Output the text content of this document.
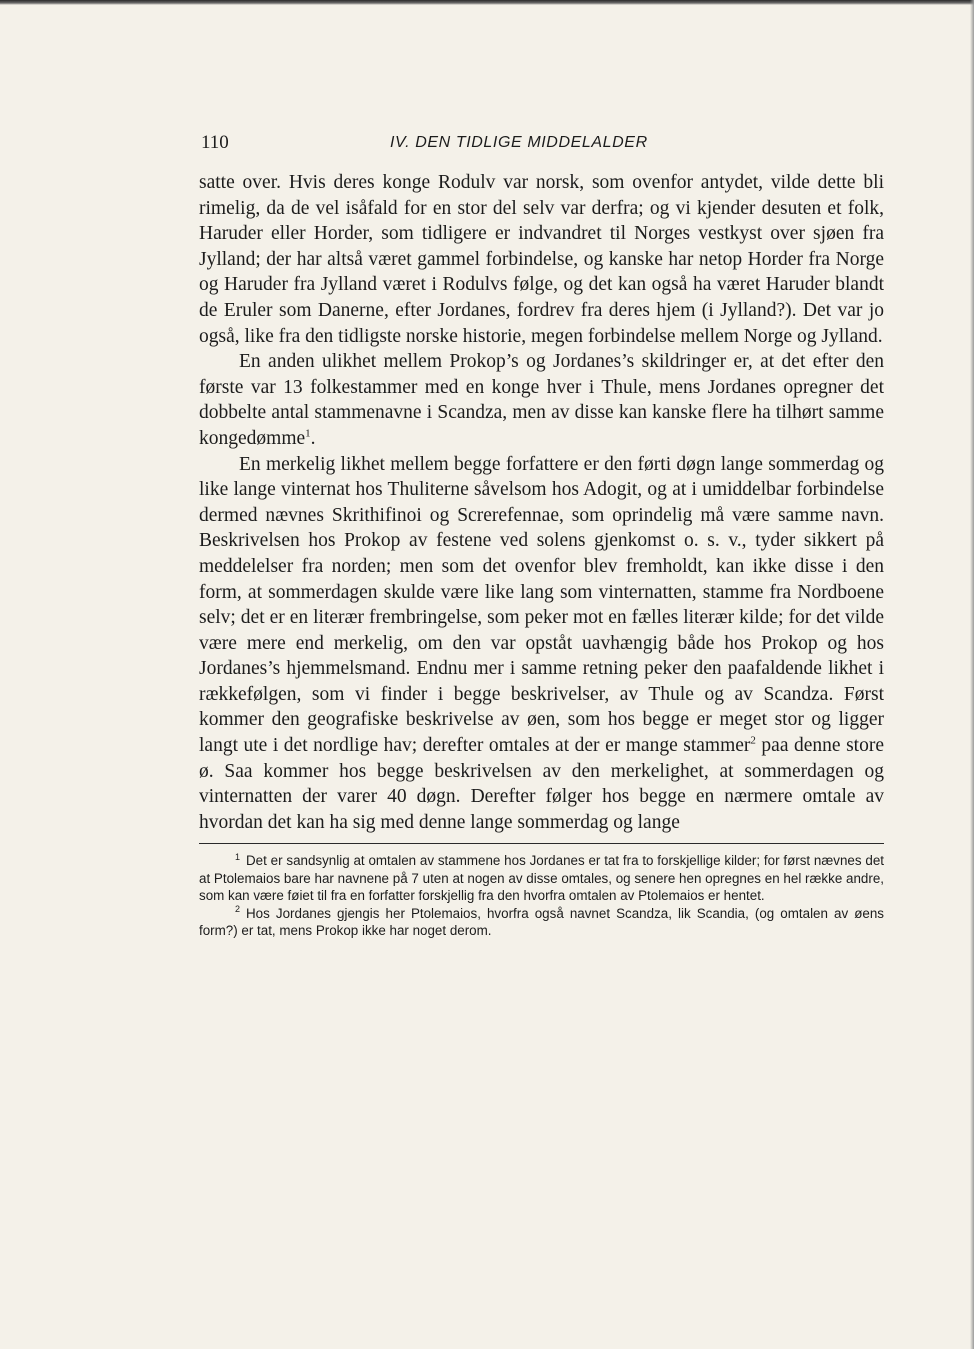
110	IV. DEN TIDLIGE MIDDELALDER

satte over. Hvis deres konge Rodulv var norsk, som ovenfor antydet, vilde dette bli rimelig, da de vel isåfald for en stor del selv var derfra; og vi kjender desuten et folk, Haruder eller Horder, som tidligere er indvandret til Norges vestkyst over sjøen fra Jylland; der har altså været gammel forbindelse, og kanske har netop Horder fra Norge og Haruder fra Jylland været i Rodulvs følge, og det kan også ha været Haruder blandt de Eruler som Danerne, efter Jordanes, fordrev fra deres hjem (i Jylland?). Det var jo også, like fra den tidligste norske historie, megen forbindelse mellem Norge og Jylland.

En anden ulikhet mellem Prokop’s og Jordanes’s skildringer er, at det efter den første var 13 folkestammer med en konge hver i Thule, mens Jordanes opregner det dobbelte antal stammenavne i Scandza, men av disse kan kanske flere ha tilhørt samme kongedømme$^1$.

En merkelig likhet mellem begge forfattere er den førti døgn lange sommerdag og like lange vinternat hos Thuliterne såvelsom hos Adogit, og at i umiddelbar forbindelse dermed nævnes Skrithifinoi og Screrefennae, som oprindelig må være samme navn. Beskrivelsen hos Prokop av festene ved solens gjenkomst o. s. v., tyder sikkert på meddelelser fra norden; men som det ovenfor blev fremholdt, kan ikke disse i den form, at sommerdagen skulde være like lang som vinternatten, stamme fra Nordboene selv; det er en literær frembringelse, som peker mot en fælles literær kilde; for det vilde være mere end merkelig, om den var opståt uavhængig både hos Prokop og hos Jordanes’s hjemmelsmand. Endnu mer i samme retning peker den paafaldende likhet i rækkefølgen, som vi finder i begge beskrivelser, av Thule og av Scandza. Først kommer den geografiske beskrivelse av øen, som hos begge er meget stor og ligger langt ute i det nordlige hav; derefter omtales at der er mange stammer$^2$ paa denne store ø. Saa kommer hos begge beskrivelsen av den merkelighet, at sommerdagen og vinternatten der varer 40 døgn. Derefter følger hos begge en nærmere omtale av hvordan det kan ha sig med denne lange sommerdag og lange

$^1$ Det er sandsynlig at omtalen av stammene hos Jordanes er tat fra to forskjellige kilder; for først nævnes det at Ptolemaios bare har navnene på 7 uten at nogen av disse omtales, og senere hen opregnes en hel række andre, som kan være føiet til fra en forfatter forskjellig fra den hvorfra omtalen av Ptolemaios er hentet.

$^2$ Hos Jordanes gjengis her Ptolemaios, hvorfra også navnet Scandza, lik Scandia, (og omtalen av øens form?) er tat, mens Prokop ikke har noget derom.
